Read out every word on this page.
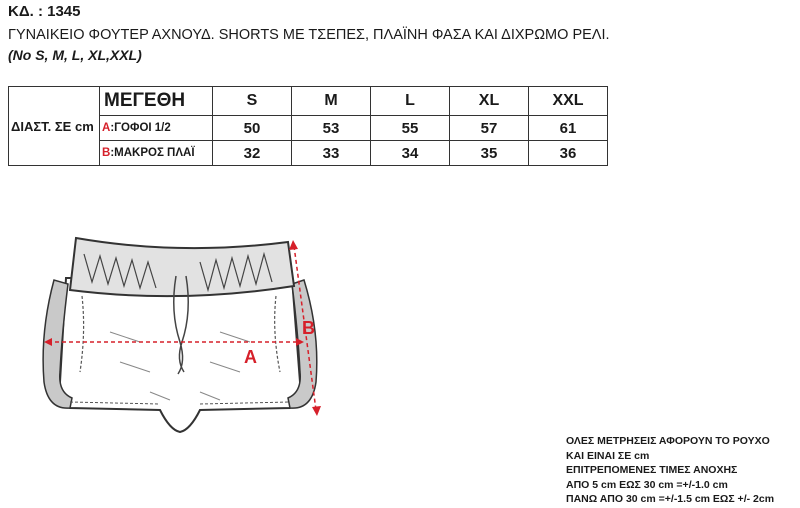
ΚΔ. : 1345
ΓΥΝΑΙΚΕΙΟ ΦΟΥΤΕΡ ΑΧΝΟΥΔ. SHORTS ΜΕ ΤΣΕΠΕΣ, ΠΛΑΪΝΗ ΦΑΣΑ ΚΑΙ ΔΙΧΡΩΜΟ ΡΕΛΙ.
(No S, M, L, XL,XXL)
ΔΙΑΣΤ. ΣΕ cm	ΜΕΓΕΘΗ	S	M	L	XL	XXL
	A:ΓΟΦΟΙ 1/2	50	53	55	57	61
	B:ΜΑΚΡΟΣ ΠΛΑΪ	32	33	34	35	36
A
B
ΟΛΕΣ ΜΕΤΡΗΣΕΙΣ ΑΦΟΡΟΥΝ ΤΟ ΡΟΥΧΟ
ΚΑΙ ΕΙΝΑΙ ΣΕ cm
ΕΠΙΤΡΕΠΟΜΕΝΕΣ ΤΙΜΕΣ ΑΝΟΧΗΣ
ΑΠΟ 5 cm ΕΩΣ 30 cm =+/-1.0 cm
ΠΑΝΩ ΑΠΟ 30 cm =+/-1.5 cm ΕΩΣ +/- 2cm
